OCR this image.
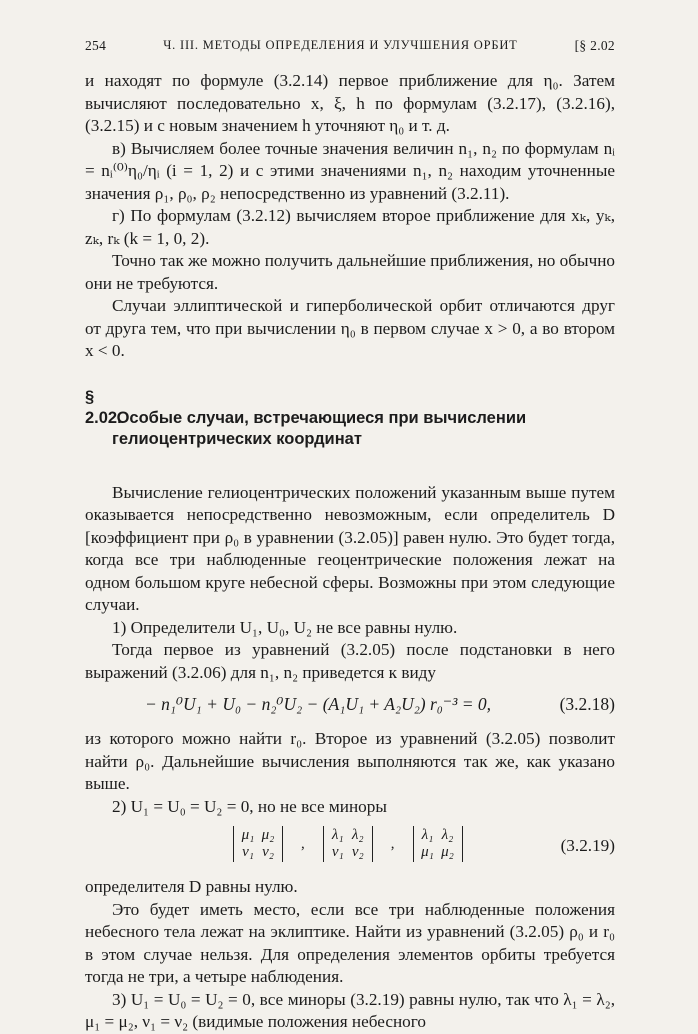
254	Ч. III. МЕТОДЫ ОПРЕДЕЛЕНИЯ И УЛУЧШЕНИЯ ОРБИТ	[§ 2.02

и находят по формуле (3.2.14) первое приближение для η₀. Затем вычисляют последовательно x, ξ, h по формулам (3.2.17), (3.2.16), (3.2.15) и с новым значением h уточняют η₀ и т. д.

в) Вычисляем более точные значения величин n₁, n₂ по формулам nᵢ = nᵢ⁽⁰⁾η₀/ηᵢ (i = 1, 2) и с этими значениями n₁, n₂ находим уточненные значения ρ₁, ρ₀, ρ₂ непосредственно из уравнений (3.2.11).

г) По формулам (3.2.12) вычисляем второе приближение для xₖ, yₖ, zₖ, rₖ (k = 1, 0, 2).

Точно так же можно получить дальнейшие приближения, но обычно они не требуются.

Случаи эллиптической и гиперболической орбит отличаются друг от друга тем, что при вычислении η₀ в первом случае x > 0, а во втором x < 0.

§ 2.02. Особые случаи, встречающиеся при вычислении
гелиоцентрических координат

Вычисление гелиоцентрических положений указанным выше путем оказывается непосредственно невозможным, если определитель D [коэффициент при ρ₀ в уравнении (3.2.05)] равен нулю. Это будет тогда, когда все три наблюденные геоцентрические положения лежат на одном большом круге небесной сферы. Возможны при этом следующие случаи.

1) Определители U₁, U₀, U₂ не все равны нулю.

Тогда первое из уравнений (3.2.05) после подстановки в него выражений (3.2.06) для n₁, n₂ приведется к виду

− n₁⁰U₁ + U₀ − n₂⁰U₂ − (A₁U₁ + A₂U₂) r₀⁻³ = 0,	(3.2.18)

из которого можно найти r₀. Второе из уравнений (3.2.05) позволит найти ρ₀. Дальнейшие вычисления выполняются так же, как указано выше.

2) U₁ = U₀ = U₂ = 0, но не все миноры

μ₁ μ₂
ν₁ ν₂
,
λ₁ λ₂
ν₁ ν₂
,
λ₁ λ₂
μ₁ μ₂	(3.2.19)

определителя D равны нулю.

Это будет иметь место, если все три наблюденные положения небесного тела лежат на эклиптике. Найти из уравнений (3.2.05) ρ₀ и r₀ в этом случае нельзя. Для определения элементов орбиты требуется тогда не три, а четыре наблюдения.

3) U₁ = U₀ = U₂ = 0, все миноры (3.2.19) равны нулю, так что λ₁ = λ₂, μ₁ = μ₂, ν₁ = ν₂ (видимые положения небесного
